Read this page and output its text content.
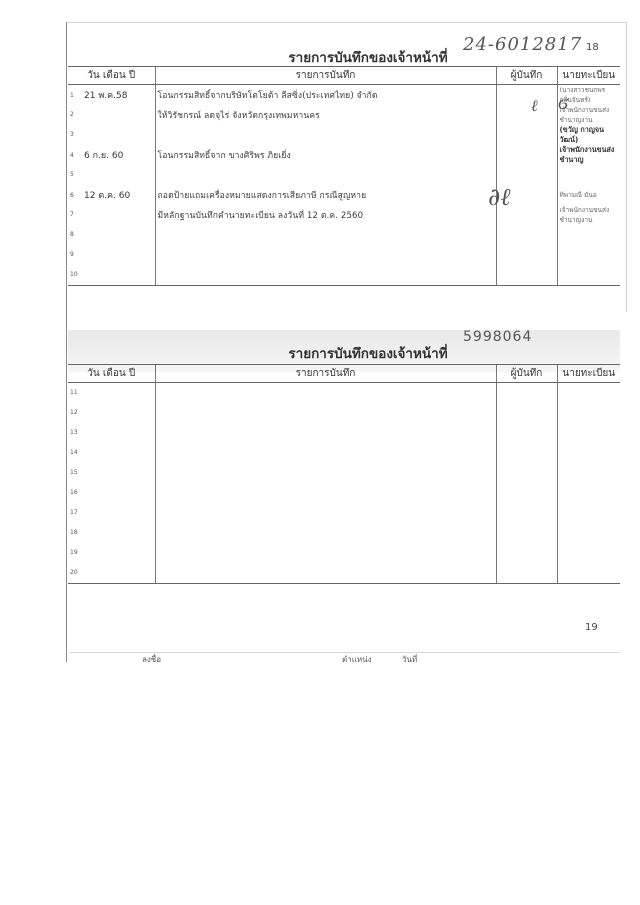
รายการบันทึกของเจ้าหน้าที่
24-6012817 18
วัน เดือน ปี	รายการบันทึก	ผู้บันทึก	นายทะเบียน
1 21 พ.ค.58	โอนกรรมสิทธิ์จากบริษัทโตโยต้า ลีสซิ่ง(ประเทศไทย) จำกัด		(นางสาวชนกพร กลิ่นจันทร์)
2	ให้วิรัชกรณ์ ลดจุไร่ จังหวัดกรุงเทพมหานคร		เจ้าพนักงานขนส่งชำนาญงาน
3			(ขวัญ กาญจนวัฒน์)
4 6 ก.ย. 60	โอนกรรมสิทธิ์จาก ขางศิริพร ภิยเยี่ง		เจ้าพนักงานขนส่งชำนาญ
5			
6 12 ต.ค. 60	ถอดป้ายแถมเครื่องหมายแสดงการเสียภาษี กรณีสูญหาย		ทิพามณี มันอ
7	มีหลักฐานบันทึกคำนายทะเบียน ลงวันที่ 12 ต.ค. 2560		เจ้าพนักงานขนส่งชำนาญงาน
8			
9			
10			
ℓ ϭ
∂ℓ
รายการบันทึกของเจ้าหน้าที่
5998064
วัน เดือน ปี	รายการบันทึก	ผู้บันทึก	นายทะเบียน
11			
12			
13			
14			
15			
16			
17			
18			
19			
20			
19
ลงชื่อ	ตำแหน่ง	วันที่
